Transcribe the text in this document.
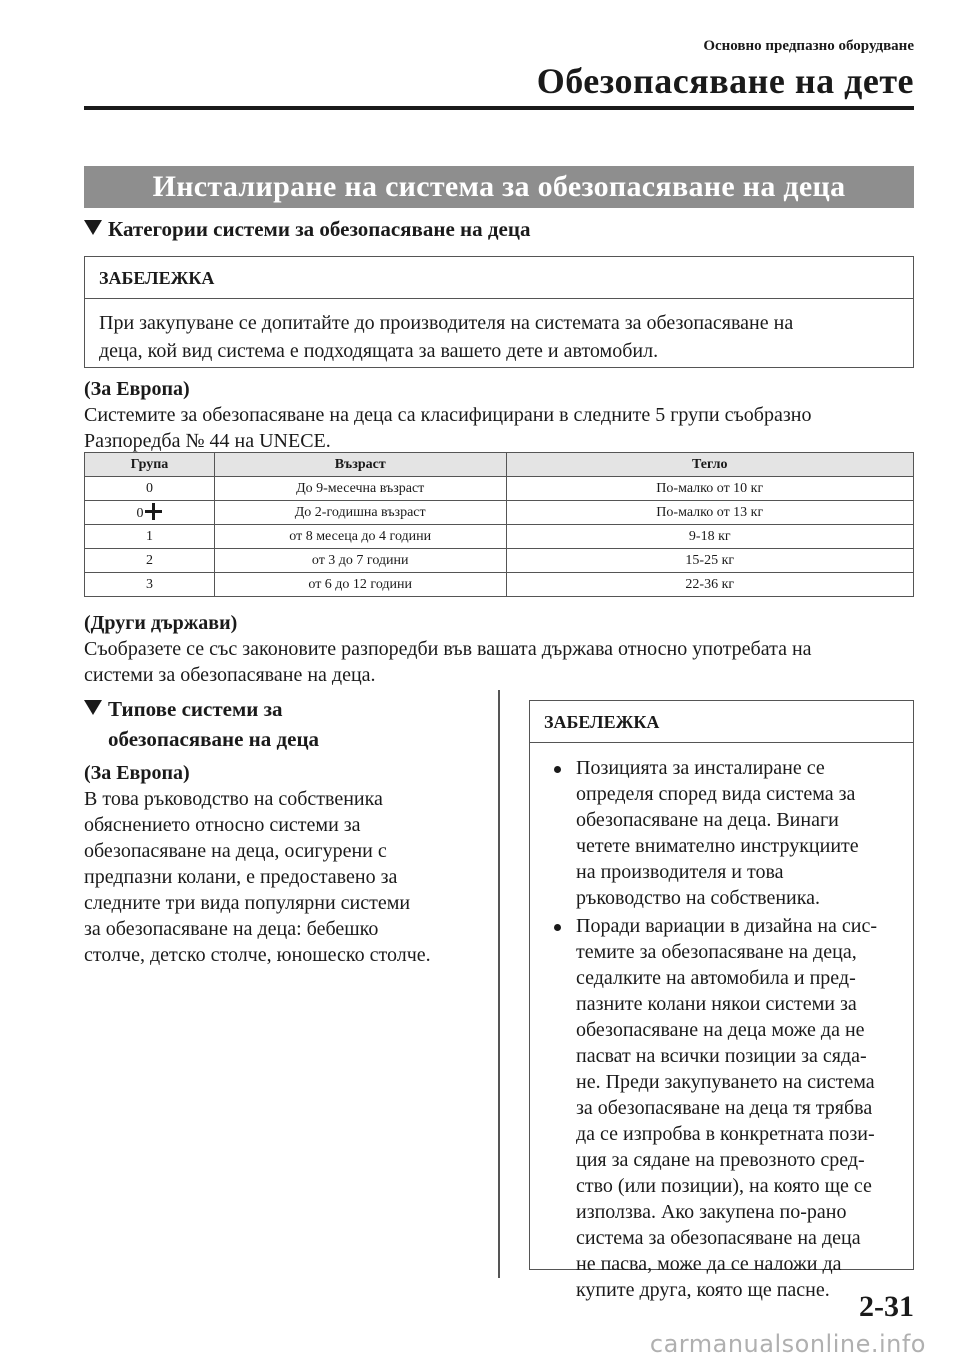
Основно предпазно оборудване
Обезопасяване на дете
Инсталиране на система за обезопасяване на деца
Категории системи за обезопасяване на деца
ЗАБЕЛЕЖКА
При закупуване се допитайте до производителя на системата за обезопасяване на
деца, кой вид система е подходящата за вашето дете и автомобил.
(За Европа)
Системите за обезопасяване на деца са класифицирани в следните 5 групи съобразно
Разпоредба № 44 на UNECE.
Група	Възраст	Тегло
0	До 9-месечна възраст	По-малко от 10 кг
0	До 2-годишна възраст	По-малко от 13 кг
1	от 8 месеца до 4 години	9-18 кг
2	от 3 до 7 години	15-25 кг
3	от 6 до 12 години	22-36 кг
(Други държави)
Съобразете се със законовите разпоредби във вашата държава относно употребата на
системи за обезопасяване на деца.
Типове системи за
обезопасяване на деца
(За Европа)
В това ръководство на собственика
обяснението относно системи за
обезопасяване на деца, осигурени с
предпазни колани, е предоставено за
следните три вида популярни системи
за обезопасяване на деца: бебешко
столче, детско столче, юношеско столче.
ЗАБЕЛЕЖКА
Позицията за инсталиране се
определя според вида система за
обезопасяване на деца. Винаги
четете внимателно инструкциите
на производителя и това
ръководство на собственика.
Поради вариации в дизайна на сис-
темите за обезопасяване на деца,
седалките на автомобила и пред-
пазните колани някои системи за
обезопасяване на деца може да не
пасват на всички позиции за сяда-
не. Преди закупуването на система
за обезопасяване на деца тя трябва
да се изпробва в конкретната пози-
ция за сядане на превозното сред-
ство (или позиции), на която ще се
използва. Ако закупена по-рано
система за обезопасяване на деца
не пасва, може да се наложи да
купите друга, която ще пасне. 2-31
carmanualsonline.info
